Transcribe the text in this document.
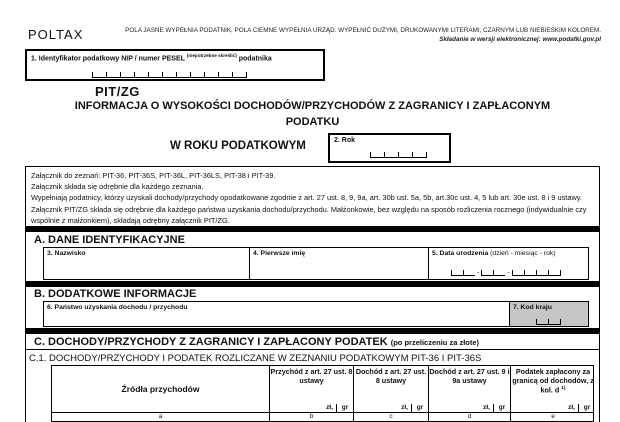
POLTAX	POLA JASNE WYPEŁNIA PODATNIK, POLA CIEMNE WYPEŁNIA URZĄD. WYPEŁNIĆ DUŻYMI, DRUKOWANYMI LITERAMI, CZARNYM LUB NIEBIESKIM KOLOREM.
Składanie w wersji elektronicznej: www.podatki.gov.pl
1. Identyfikator podatkowy NIP / numer PESEL $^{(niepotrzebne skreślić)}$ podatnika
PIT/ZG
INFORMACJA O WYSOKOŚCI DOCHODÓW/PRZYCHODÓW Z ZAGRANICY I ZAPŁACONYM
PODATKU
W ROKU PODATKOWYM	2. Rok
Załącznik do zeznań: PIT-36, PIT-36S, PIT-36L, PIT-36LS, PIT-38 i PIT-39.
Załącznik składa się odrębnie dla każdego zeznania.
Wypełniają podatnicy, którzy uzyskali dochody/przychody opodatkowane zgodnie z art. 27 ust. 8, 9, 9a, art. 30b ust. 5a, 5b, art.30c ust. 4, 5 lub art. 30e ust. 8 i 9 ustawy. Załącznik PIT/ZG składa się odrębnie dla każdego państwa uzyskania dochodu/przychodu. Małżonkowie, bez względu na sposób rozliczenia rocznego (indywidualnie czy wspólnie z małżonkiem), składają odrębny załącznik PIT/ZG.
A. DANE IDENTYFIKACYJNE
3. Nazwisko	4. Pierwsze imię	5. Data urodzenia (dzień - miesiąc - rok)
-	-
B. DODATKOWE INFORMACJE
6. Państwo uzyskania dochodu / przychodu	7. Kod kraju
C. DOCHODY/PRZYCHODY Z ZAGRANICY I ZAPŁACONY PODATEK (po przeliczeniu za złote)
C.1. DOCHODY/PRZYCHODY I PODATEK ROZLICZANE W ZEZNANIU PODATKOWYM PIT-36 I PIT-36S
Źródła przychodów
Przychód z art. 27 ust. 8 ustawy
zł,	gr
Dochód z art. 27 ust. 8 ustawy
zł,	gr
Dochód z art. 27 ust. 9 i 9a ustawy
zł,	gr
Podatek zapłacony za granicą od dochodów, z kol. d $^{1)}$
zł,	gr
a	b	c	d	e
